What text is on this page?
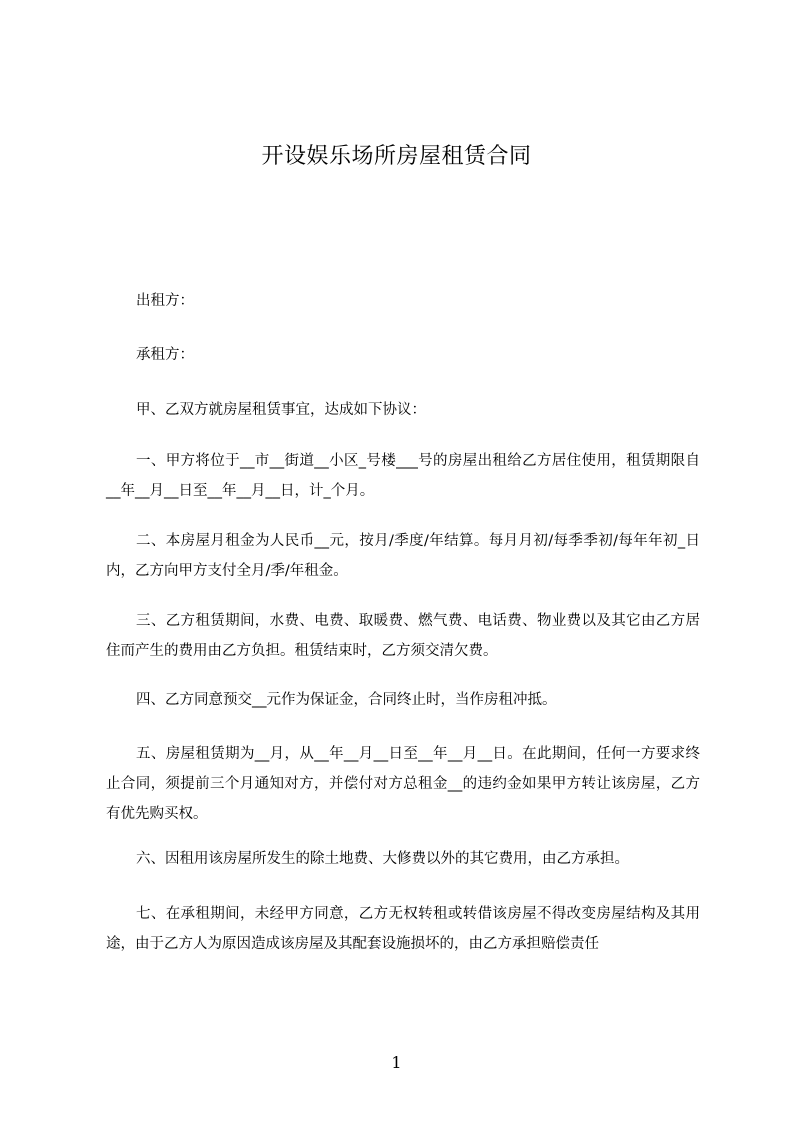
开设娱乐场所房屋租赁合同

出租方：

承租方：

甲、乙双方就房屋租赁事宜，达成如下协议：

一、甲方将位于__市__街道__小区_号楼___号的房屋出租给乙方居住使用，租赁期限自__年__月__日至__年__月__日，计_个月。

二、本房屋月租金为人民币__元，按月/季度/年结算。每月月初/每季季初/每年年初_日内，乙方向甲方支付全月/季/年租金。

三、乙方租赁期间，水费、电费、取暖费、燃气费、电话费、物业费以及其它由乙方居住而产生的费用由乙方负担。租赁结束时，乙方须交清欠费。

四、乙方同意预交__元作为保证金，合同终止时，当作房租冲抵。

五、房屋租赁期为__月，从__年__月__日至__年__月__日。在此期间，任何一方要求终止合同，须提前三个月通知对方，并偿付对方总租金__的违约金如果甲方转让该房屋，乙方有优先购买权。

六、因租用该房屋所发生的除土地费、大修费以外的其它费用，由乙方承担。

七、在承租期间，未经甲方同意，乙方无权转租或转借该房屋不得改变房屋结构及其用途，由于乙方人为原因造成该房屋及其配套设施损坏的，由乙方承担赔偿责任

1
